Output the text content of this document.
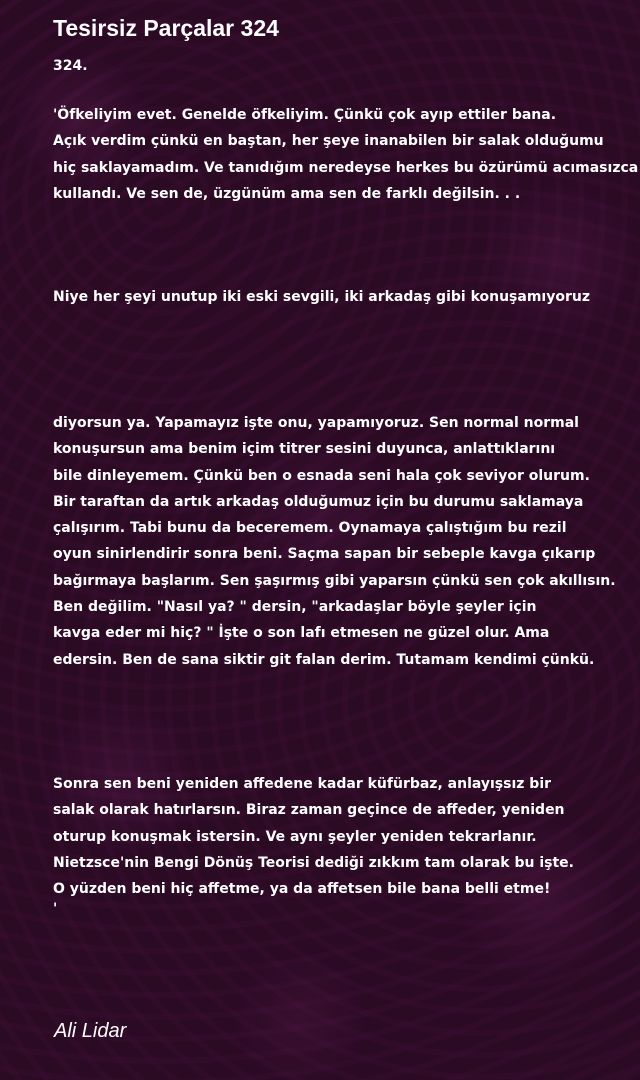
Tesirsiz Parçalar 324

324.

'Öfkeliyim evet. Genelde öfkeliyim. Çünkü çok ayıp ettiler bana.
Açık verdim çünkü en baştan, her şeye inanabilen bir salak olduğumu
hiç saklayamadım. Ve tanıdığım neredeyse herkes bu özürümü acımasızca
kullandı. Ve sen de, üzgünüm ama sen de farklı değilsin. . .

Niye her şeyi unutup iki eski sevgili, iki arkadaş gibi konuşamıyoruz

diyorsun ya. Yapamayız işte onu, yapamıyoruz. Sen normal normal
konuşursun ama benim içim titrer sesini duyunca, anlattıklarını
bile dinleyemem. Çünkü ben o esnada seni hala çok seviyor olurum.
Bir taraftan da artık arkadaş olduğumuz için bu durumu saklamaya
çalışırım. Tabi bunu da beceremem. Oynamaya çalıştığım bu rezil
oyun sinirlendirir sonra beni. Saçma sapan bir sebeple kavga çıkarıp
bağırmaya başlarım. Sen şaşırmış gibi yaparsın çünkü sen çok akıllısın.
Ben değilim. "Nasıl ya? " dersin, "arkadaşlar böyle şeyler için
kavga eder mi hiç? " İşte o son lafı etmesen ne güzel olur. Ama
edersin. Ben de sana siktir git falan derim. Tutamam kendimi çünkü.

Sonra sen beni yeniden affedene kadar küfürbaz, anlayışsız bir
salak olarak hatırlarsın. Biraz zaman geçince de affeder, yeniden
oturup konuşmak istersin. Ve aynı şeyler yeniden tekrarlanır.
Nietzsce'nin Bengi Dönüş Teorisi dediği zıkkım tam olarak bu işte.
O yüzden beni hiç affetme, ya da affetsen bile bana belli etme!
'

Ali Lidar
